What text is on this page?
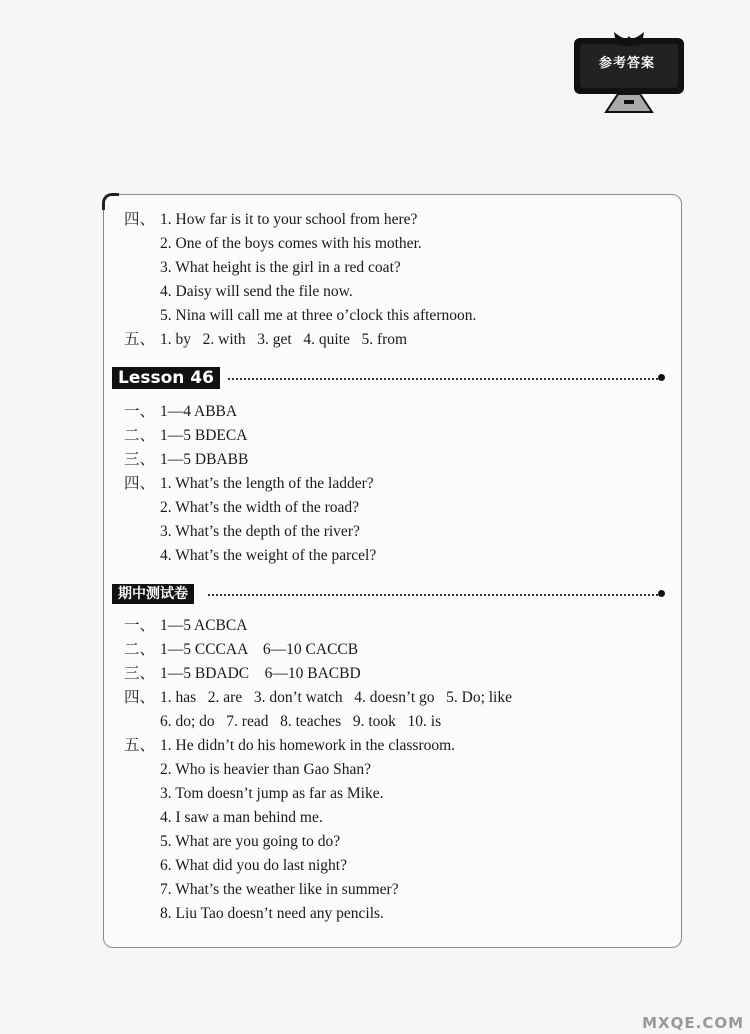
参考答案
四、 1. How far is it to your school from here?
2. One of the boys comes with his mother.
3. What height is the girl in a red coat?
4. Daisy will send the file now.
5. Nina will call me at three o’clock this afternoon.
五、 1. by   2. with   3. get   4. quite   5. from
Lesson 46
一、 1—4 ABBA
二、 1—5 BDECA
三、 1—5 DBABB
四、 1. What’s the length of the ladder?
2. What’s the width of the road?
3. What’s the depth of the river?
4. What’s the weight of the parcel?
期中测试卷
一、 1—5 ACBCA
二、 1—5 CCCAA    6—10 CACCB
三、 1—5 BDADC    6—10 BACBD
四、 1. has   2. are   3. don’t watch   4. doesn’t go   5. Do; like
6. do; do   7. read   8. teaches   9. took   10. is
五、 1. He didn’t do his homework in the classroom.
2. Who is heavier than Gao Shan?
3. Tom doesn’t jump as far as Mike.
4. I saw a man behind me.
5. What are you going to do?
6. What did you do last night?
7. What’s the weather like in summer?
8. Liu Tao doesn’t need any pencils.
MXQE.COM
